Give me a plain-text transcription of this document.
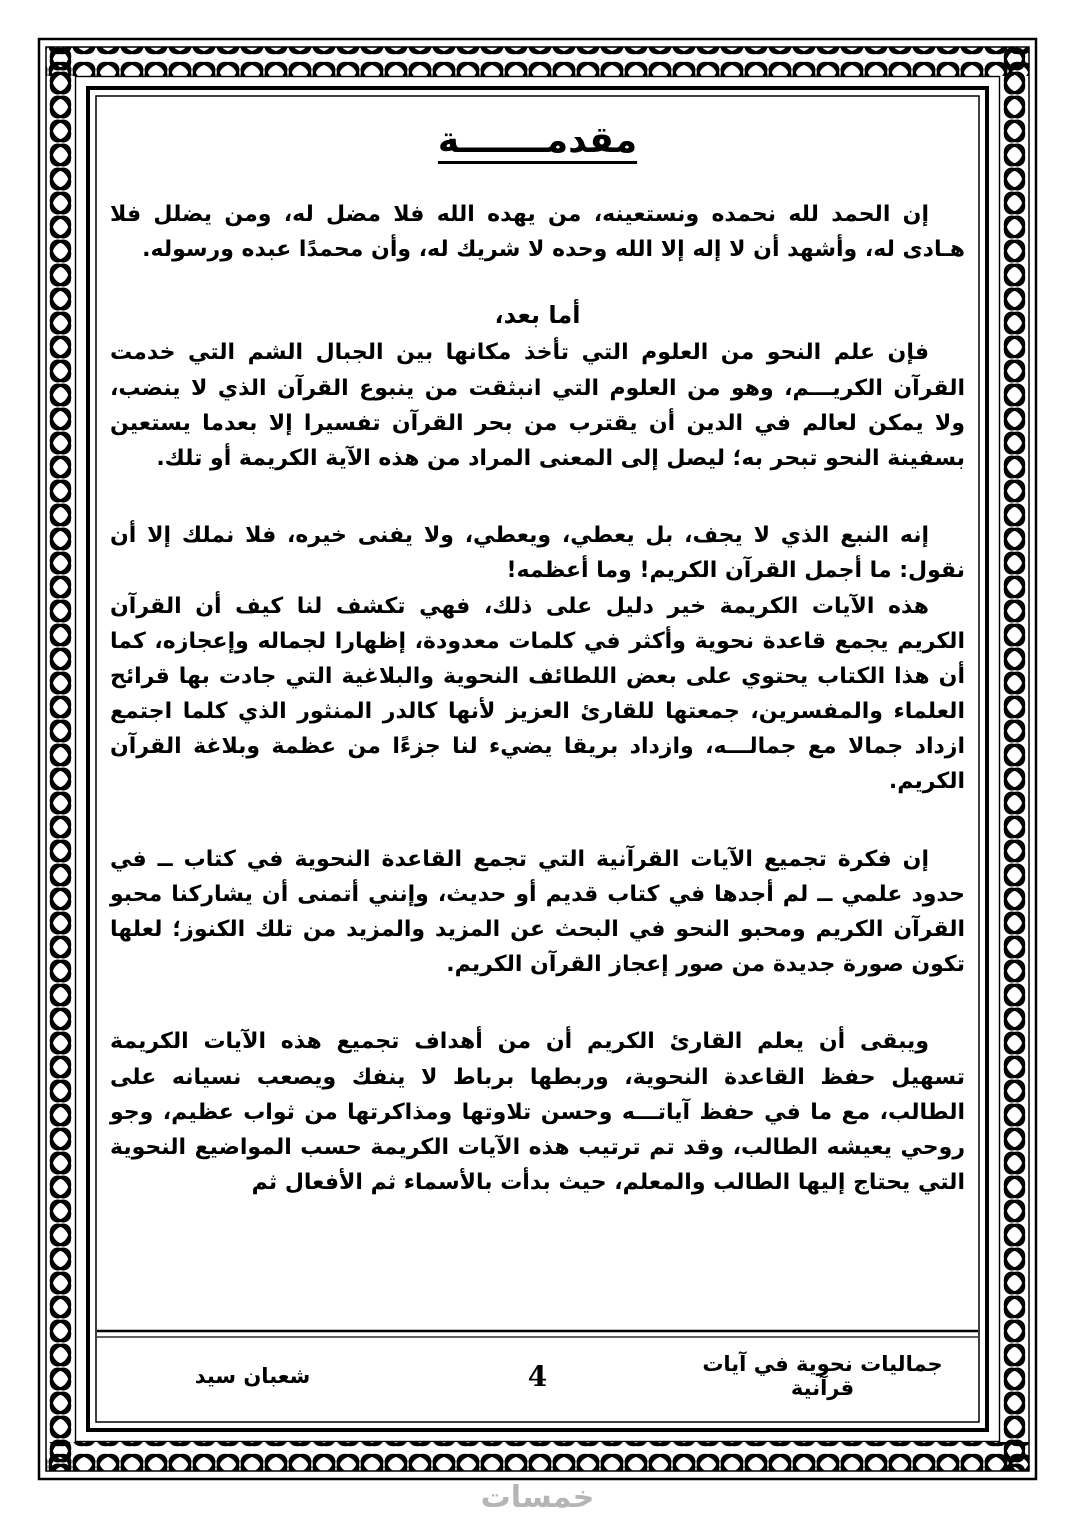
مقدمـــــــة

إن الحمد لله نحمده ونستعينه، من يهده الله فلا مضل له، ومن يضلل فلا هـادى له، وأشهد أن لا إله إلا الله وحده لا شريك له، وأن محمدًا عبده ورسوله.

أما بعد،

فإن علم النحو من العلوم التي تأخذ مكانها بين الجبال الشم التي خدمت القرآن الكريـــم، وهو من العلوم التي انبثقت من ينبوع القرآن الذي لا ينضب، ولا يمكن لعالم في الدين أن يقترب من بحر القرآن تفسيرا إلا بعدما يستعين بسفينة النحو تبحر به؛ ليصل إلى المعنى المراد من هذه الآية الكريمة أو تلك.

إنه النبع الذي لا يجف، بل يعطي، ويعطي، ولا يفنى خيره، فلا نملك إلا أن نقول: ما أجمل القرآن الكريم! وما أعظمه!

هذه الآيات الكريمة خير دليل على ذلك، فهي تكشف لنا كيف أن القرآن الكريم يجمع قاعدة نحوية وأكثر في كلمات معدودة، إظهارا لجماله وإعجازه، كما أن هذا الكتاب يحتوي على بعض اللطائف النحوية والبلاغية التي جادت بها قرائح العلماء والمفسرين، جمعتها للقارئ العزيز لأنها كالدر المنثور الذي كلما اجتمع ازداد جمالا مع جمالـــه، وازداد بريقا يضيء لنا جزءًا من عظمة وبلاغة القرآن الكريم.

إن فكرة تجميع الآيات القرآنية التي تجمع القاعدة النحوية في كتاب ــ في حدود علمي ــ لم أجدها في كتاب قديم أو حديث، وإنني أتمنى أن يشاركنا محبو القرآن الكريم ومحبو النحو في البحث عن المزيد والمزيد من تلك الكنوز؛ لعلها تكون صورة جديدة من صور إعجاز القرآن الكريم.

ويبقى أن يعلم القارئ الكريم أن من أهداف تجميع هذه الآيات الكريمة تسهيل حفظ القاعدة النحوية، وربطها برباط لا ينفك ويصعب نسيانه على الطالب، مع ما في حفظ آياتـــه وحسن تلاوتها ومذاكرتها من ثواب عظيم، وجو روحي يعيشه الطالب، وقد تم ترتيب هذه الآيات الكريمة حسب المواضيع النحوية التي يحتاج إليها الطالب والمعلم، حيث بدأت بالأسماء ثم الأفعال ثم

جماليات نحوية في آيات قرآنية
4
شعبان سيد
خمسات
